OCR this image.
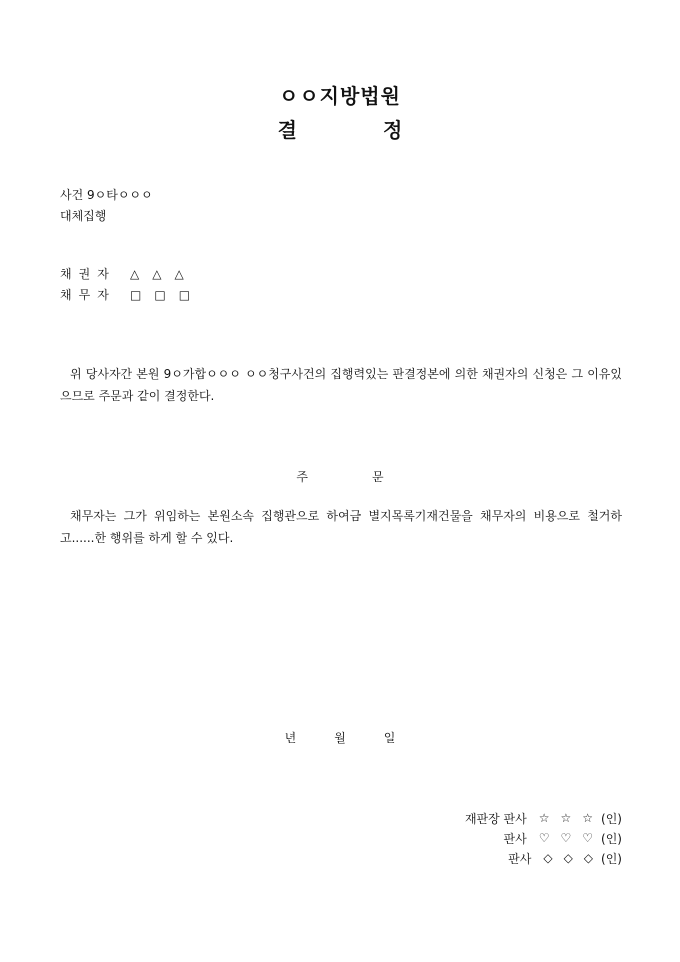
ㅇㅇ지방법원
결	정
사건 9ㅇ타ㅇㅇㅇ
대체집행
채 권 자	△ △ △
채 무 자	□ □ □
위 당사자간 본원 9ㅇ가합ㅇㅇㅇ ㅇㅇ청구사건의 집행력있는 판결정본에 의한 채권자의 신청은 그 이유있으므로 주문과 같이 결정한다.
주	문
채무자는 그가 위임하는 본원소속 집행관으로 하여금 별지목록기재건물을 채무자의 비용으로 철거하고......한 행위를 하게 할 수 있다.
년	월	일
재판장 판사 ☆ ☆ ☆ (인)
판사 ♡ ♡ ♡ (인)
판사 ◇ ◇ ◇ (인)
